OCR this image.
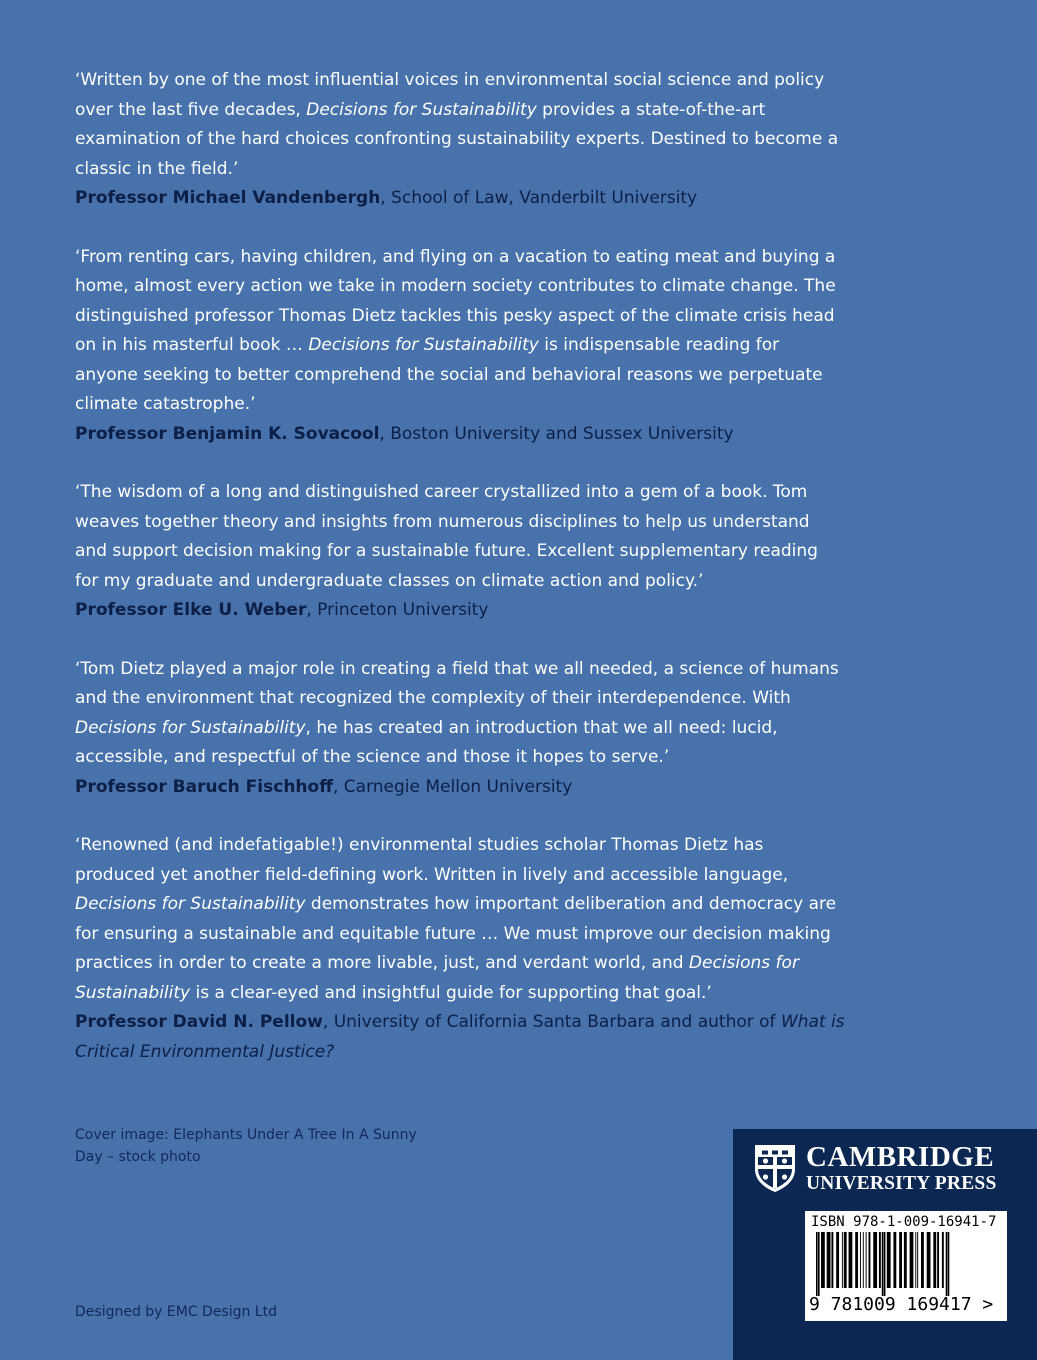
‘Written by one of the most influential voices in environmental social science and policy over the last five decades, Decisions for Sustainability provides a state-of-the-art examination of the hard choices confronting sustainability experts. Destined to become a classic in the field.’

Professor Michael Vandenbergh, School of Law, Vanderbilt University

‘From renting cars, having children, and flying on a vacation to eating meat and buying a home, almost every action we take in modern society contributes to climate change. The distinguished professor Thomas Dietz tackles this pesky aspect of the climate crisis head on in his masterful book … Decisions for Sustainability is indispensable reading for anyone seeking to better comprehend the social and behavioral reasons we perpetuate climate catastrophe.’

Professor Benjamin K. Sovacool, Boston University and Sussex University

‘The wisdom of a long and distinguished career crystallized into a gem of a book. Tom weaves together theory and insights from numerous disciplines to help us understand and support decision making for a sustainable future. Excellent supplementary reading for my graduate and undergraduate classes on climate action and policy.’

Professor Elke U. Weber, Princeton University

‘Tom Dietz played a major role in creating a field that we all needed, a science of humans and the environment that recognized the complexity of their interdependence. With Decisions for Sustainability, he has created an introduction that we all need: lucid, accessible, and respectful of the science and those it hopes to serve.’

Professor Baruch Fischhoff, Carnegie Mellon University

‘Renowned (and indefatigable!) environmental studies scholar Thomas Dietz has produced yet another field-defining work. Written in lively and accessible language, Decisions for Sustainability demonstrates how important deliberation and democracy are for ensuring a sustainable and equitable future … We must improve our decision making practices in order to create a more livable, just, and verdant world, and Decisions for Sustainability is a clear-eyed and insightful guide for supporting that goal.’

Professor David N. Pellow, University of California Santa Barbara and author of What is Critical Environmental Justice?

Cover image: Elephants Under A Tree In A Sunny Day – stock photo
Designed by EMC Design Ltd
CAMBRIDGE
UNIVERSITY PRESS
ISBN 978-1-009-16941-7
9 781009 169417 >
